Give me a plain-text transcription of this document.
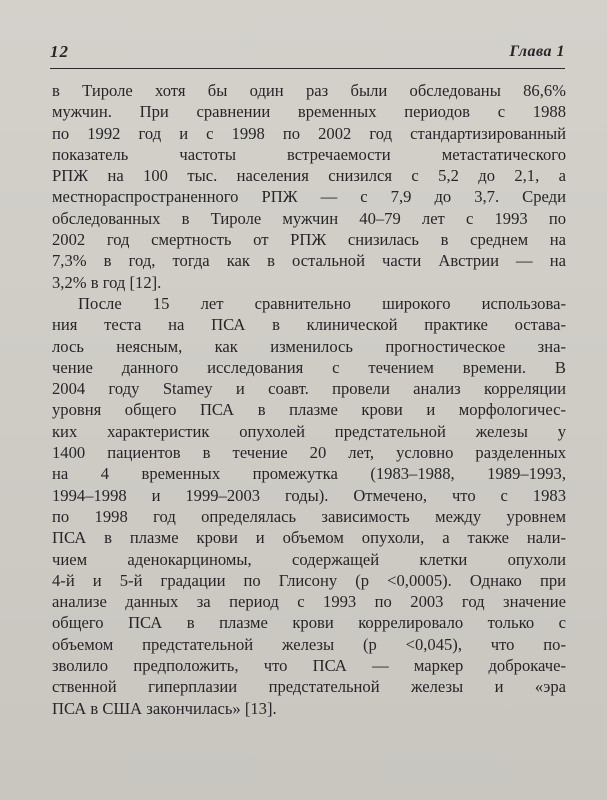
12	Глава 1
в Тироле хотя бы один раз были обследованы 86,6%
мужчин. При сравнении временных периодов с 1988
по 1992 год и с 1998 по 2002 год стандартизированный
показатель частоты встречаемости метастатического
РПЖ на 100 тыс. населения снизился с 5,2 до 2,1, а
местнораспространенного РПЖ — с 7,9 до 3,7. Среди
обследованных в Тироле мужчин 40–79 лет с 1993 по
2002 год смертность от РПЖ снизилась в среднем на
7,3% в год, тогда как в остальной части Австрии — на
3,2% в год [12].
После 15 лет сравнительно широкого использова-
ния теста на ПСА в клинической практике остава-
лось неясным, как изменилось прогностическое зна-
чение данного исследования с течением времени. В
2004 году Stamey и соавт. провели анализ корреляции
уровня общего ПСА в плазме крови и морфологичес-
ких характеристик опухолей предстательной железы у
1400 пациентов в течение 20 лет, условно разделенных
на 4 временных промежутка (1983–1988, 1989–1993,
1994–1998 и 1999–2003 годы). Отмечено, что с 1983
по 1998 год определялась зависимость между уровнем
ПСА в плазме крови и объемом опухоли, а также нали-
чием аденокарциномы, содержащей клетки опухоли
4-й и 5-й градации по Глисону (р <0,0005). Однако при
анализе данных за период с 1993 по 2003 год значение
общего ПСА в плазме крови коррелировало только с
объемом предстательной железы (р <0,045), что по-
зволило предположить, что ПСА — маркер доброкаче-
ственной гиперплазии предстательной железы и «эра
ПСА в США закончилась» [13].
